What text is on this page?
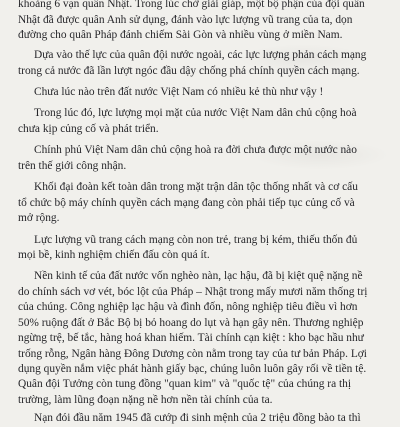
khoảng 6 vạn quân Nhật. Trong lúc chờ giải giáp, một bộ phận của đội quân
Nhật đã được quân Anh sử dụng, đánh vào lực lượng vũ trang của ta, dọn
đường cho quân Pháp đánh chiếm Sài Gòn và nhiều vùng ở miền Nam.
Dựa vào thế lực của quân đội nước ngoài, các lực lượng phản cách mạng
trong cả nước đã lần lượt ngóc đầu dậy chống phá chính quyền cách mạng.
Chưa lúc nào trên đất nước Việt Nam có nhiều kẻ thù như vậy !
Trong lúc đó, lực lượng mọi mặt của nước Việt Nam dân chủ cộng hoà
chưa kịp củng cố và phát triển.
Chính phủ Việt Nam dân chủ cộng hoà ra đời chưa được một nước nào
trên thế giới công nhận.
Khối đại đoàn kết toàn dân trong mặt trận dân tộc thống nhất và cơ cấu
tổ chức bộ máy chính quyền cách mạng đang còn phải tiếp tục củng cố và
mở rộng.
Lực lượng vũ trang cách mạng còn non trẻ, trang bị kém, thiếu thốn đủ
mọi bề, kinh nghiệm chiến đấu còn quá ít.
Nền kinh tế của đất nước vốn nghèo nàn, lạc hậu, đã bị kiệt quệ nặng nề
do chính sách vơ vét, bóc lột của Pháp – Nhật trong mấy mươi năm thống trị
của chúng. Công nghiệp lạc hậu và đình đốn, nông nghiệp tiêu điều vì hơn
50% ruộng đất ở Bắc Bộ bị bỏ hoang do lụt và hạn gây nên. Thương nghiệp
ngừng trệ, bế tắc, hàng hoá khan hiếm. Tài chính cạn kiệt : kho bạc hầu như
trống rỗng, Ngân hàng Đông Dương còn nằm trong tay của tư bản Pháp. Lợi
dụng quyền nắm việc phát hành giấy bạc, chúng luôn luôn gây rối về tiền tệ.
Quân đội Tưởng còn tung đồng "quan kim" và "quốc tệ" của chúng ra thị
trường, làm lũng đoạn nặng nề hơn nền tài chính của ta.
Nạn đói đầu năm 1945 đã cướp đi sinh mệnh của 2 triệu đồng bào ta thì
